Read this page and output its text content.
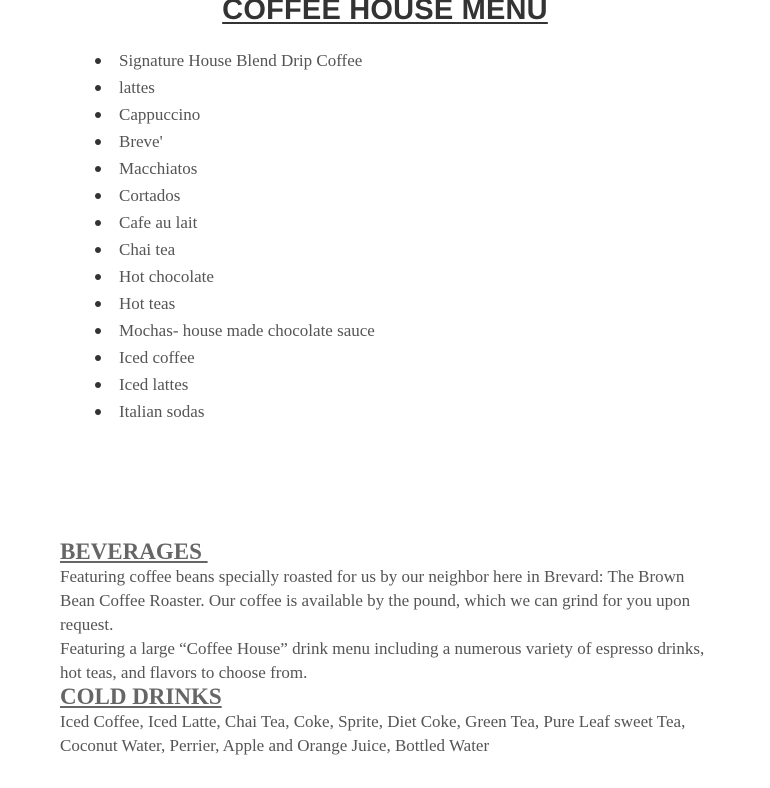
COFFEE HOUSE MENU
Signature House Blend Drip Coffee
lattes
Cappuccino
Breve'
Macchiatos
Cortados
Cafe au lait
Chai tea
Hot chocolate
Hot teas
Mochas- house made chocolate sauce
Iced coffee
Iced lattes
Italian sodas
BEVERAGES

Featuring coffee beans specially roasted for us by our neighbor here in Brevard: The Brown Bean Coffee Roaster. Our coffee is available by the pound, which we can grind for you upon request.

Featuring a large “Coffee House” drink menu including a numerous variety of espresso drinks, hot teas, and flavors to choose from.

COLD DRINKS

Iced Coffee, Iced Latte, Chai Tea, Coke, Sprite, Diet Coke, Green Tea, Pure Leaf sweet Tea, Coconut Water, Perrier, Apple and Orange Juice, Bottled Water
